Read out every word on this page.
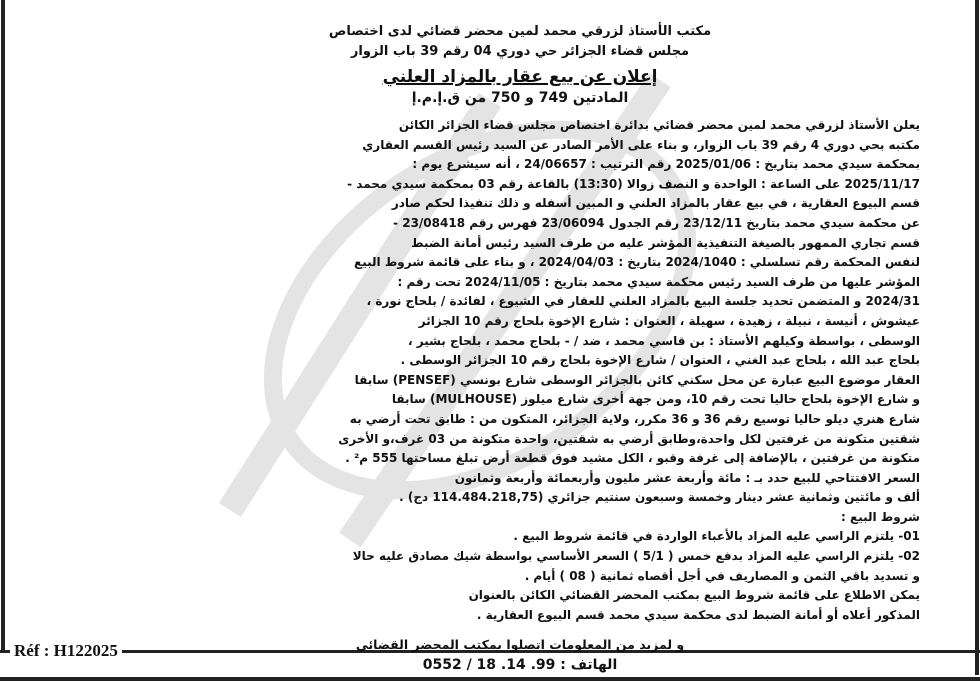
مكتب الأستاذ لزرقي محمد لمين محضر قضائي لدى اختصاص
مجلس قضاء الجزائر حي دوري 04 رقم 39 باب الزوار
إعلان عن بيع عقار بالمزاد العلني
المادتين 749 و 750 من ق.إ.م.إ

يعلن الأستاذ لزرقي محمد لمين محضر قضائي بدائرة اختصاص مجلس قضاء الجزائر الكائن

مكتبه بحي دوري 4 رقم 39 باب الزوار، و بناء على الأمر الصادر عن السيد رئيس القسم العقاري

بمحكمة سيدي محمد بتاريخ : 2025/01/06 رقم الترتيب : 24/06657 ، أنه سيشرع يوم :

2025/11/17 على الساعة : الواحدة و النصف زوالا (13:30) بالقاعة رقم 03 بمحكمة سيدي محمد -

قسم البيوع العقارية ، في بيع عقار بالمزاد العلني و المبين أسفله و ذلك تنفيذا لحكم صادر

عن محكمة سيدي محمد بتاريخ 23/12/11 رقم الجدول 23/06094 فهرس رقم 23/08418 -

قسم تجاري الممهور بالصيغة التنفيذية المؤشر عليه من طرف السيد رئيس أمانة الضبط

لنفس المحكمة رقم تسلسلي : 2024/1040 بتاريخ : 2024/04/03 ، و بناء على قائمة شروط البيع

المؤشر عليها من طرف السيد رئيس محكمة سيدي محمد بتاريخ : 2024/11/05 تحت رقم :

2024/31 و المتضمن تحديد جلسة البيع بالمزاد العلني للعقار في الشيوع ، لفائدة / بلحاج نورة ،

عيشوش ، أنيسة ، نبيلة ، زهيدة ، سهيلة ، العنوان : شارع الإخوة بلحاج رقم 10 الجزائر

الوسطى ، بواسطة وكيلهم الأستاذ : بن قاسي محمد ، ضد / - بلحاج محمد ، بلحاج بشير ،

بلحاج عبد الله ، بلحاج عبد الغني ، العنوان / شارع الإخوة بلحاج رقم 10 الجزائر الوسطى .

العقار موضوع البيع عبارة عن محل سكني كائن بالجزائر الوسطى شارع بونسي (PENSEF) سابقا

و شارع الإخوة بلحاج حاليا تحت رقم 10، ومن جهة أخرى شارع ميلوز (MULHOUSE) سابقا

شارع هنري ديلو حاليا توسيع رقم 36 و 36 مكرر، ولاية الجزائر، المتكون من : طابق تحت أرضي به

شقتين متكونة من غرفتين لكل واحدة،وطابق أرضي به شقتين، واحدة متكونة من 03 غرف،و الأخرى

متكونة من غرفتين ، بالإضافة إلى غرفة وقبو ، الكل مشيد فوق قطعة أرض تبلغ مساحتها 555 م² .

السعر الافتتاحي للبيع حدد بـ : مائة وأربعة عشر مليون وأربعمائة وأربعة وثمانون

ألف و مائتين وثمانية عشر دينار وخمسة وسبعون سنتيم جزائري (114.484.218,75 دج) .

شروط البيع :

01- يلتزم الراسي عليه المزاد بالأعباء الواردة في قائمة شروط البيع .

02- يلتزم الراسي عليه المزاد بدفع خمس ( 5/1 ) السعر الأساسي بواسطة شيك مصادق عليه حالا

و تسديد باقي الثمن و المصاريف في أجل أقصاه ثمانية ( 08 ) أيام .

يمكن الاطلاع على قائمة شروط البيع بمكتب المحضر القضائي الكائن بالعنوان

المذكور أعلاه أو أمانة الضبط لدى محكمة سيدي محمد قسم البيوع العقارية .

و لمزيد من المعلومات اتصلوا بمكتب المحضر القضائي
الهاتف : 0552 / 18 .14 .99
Réf : H122025
